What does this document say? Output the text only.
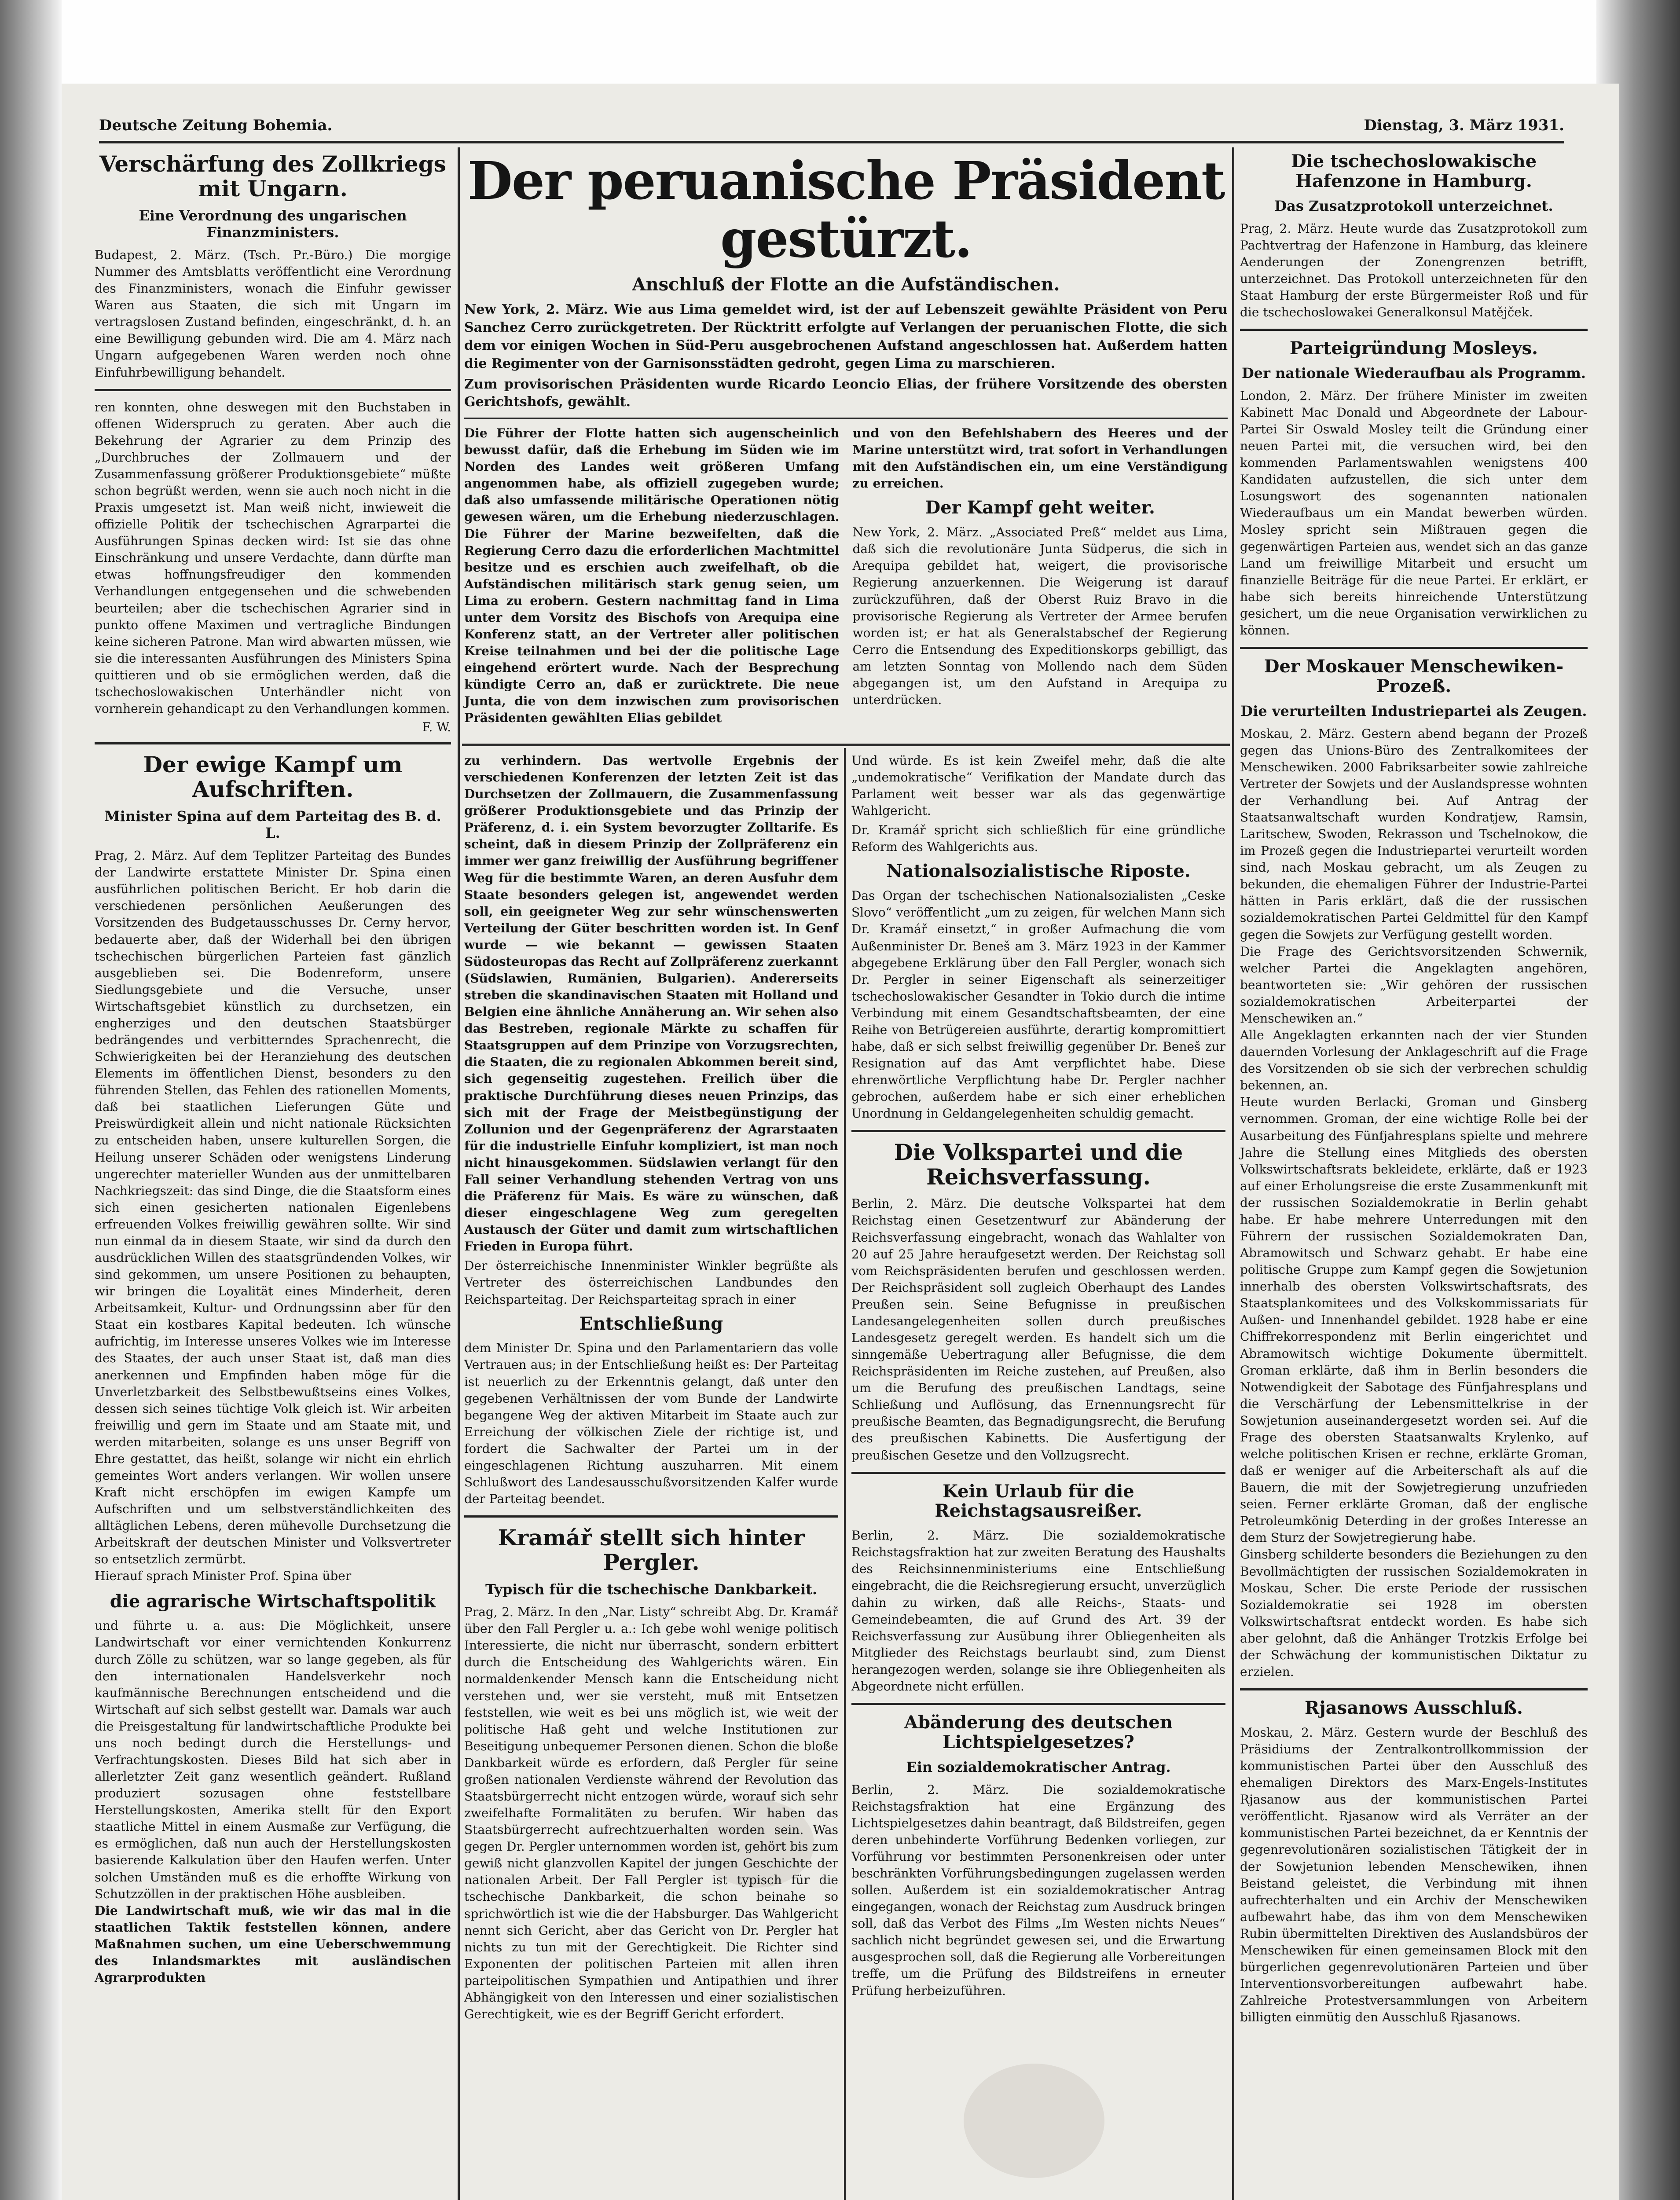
Deutsche Zeitung Bohemia.	Dienstag, 3. März 1931.
Verschärfung des Zollkriegs mit Ungarn.

Eine Verordnung des ungarischen Finanzministers.

Budapest, 2. März. (Tsch. Pr.-Büro.) Die morgige Nummer des Amtsblatts veröffentlicht eine Verordnung des Finanzministers, wonach die Einfuhr gewisser Waren aus Staaten, die sich mit Ungarn im vertragslosen Zustand befinden, eingeschränkt, d. h. an eine Bewilligung gebunden wird. Die am 4. März nach Ungarn aufgegebenen Waren werden noch ohne Einfuhrbewilligung behandelt.

ren konnten, ohne deswegen mit den Buchstaben in offenen Widerspruch zu geraten. Aber auch die Bekehrung der Agrarier zu dem Prinzip des „Durchbruches der Zollmauern und der Zusammenfassung größerer Produktionsgebiete“ müßte schon begrüßt werden, wenn sie auch noch nicht in die Praxis umgesetzt ist. Man weiß nicht, inwieweit die offizielle Politik der tschechischen Agrarpartei die Ausführungen Spinas decken wird: Ist sie das ohne Einschränkung und unsere Verdachte, dann dürfte man etwas hoffnungsfreudiger den kommenden Verhandlungen entgegensehen und die schwebenden beurteilen; aber die tschechischen Agrarier sind in punkto offene Maximen und vertragliche Bindungen keine sicheren Patrone. Man wird abwarten müssen, wie sie die interessanten Ausführungen des Ministers Spina quittieren und ob sie ermöglichen werden, daß die tschechoslowakischen Unterhändler nicht von vornherein gehandicapt zu den Verhandlungen kommen.

F. W.

Der ewige Kampf um Aufschriften.

Minister Spina auf dem Parteitag des B. d. L.

Prag, 2. März. Auf dem Teplitzer Parteitag des Bundes der Landwirte erstattete Minister Dr. Spina einen ausführlichen politischen Bericht. Er hob darin die verschiedenen persönlichen Aeußerungen des Vorsitzenden des Budgetausschusses Dr. Cerny hervor, bedauerte aber, daß der Widerhall bei den übrigen tschechischen bürgerlichen Parteien fast gänzlich ausgeblieben sei. Die Bodenreform, unsere Siedlungsgebiete und die Versuche, unser Wirtschaftsgebiet künstlich zu durchsetzen, ein engherziges und den deutschen Staatsbürger bedrängendes und verbitterndes Sprachenrecht, die Schwierigkeiten bei der Heranziehung des deutschen Elements im öffentlichen Dienst, besonders zu den führenden Stellen, das Fehlen des rationellen Moments, daß bei staatlichen Lieferungen Güte und Preiswürdigkeit allein und nicht nationale Rücksichten zu entscheiden haben, unsere kulturellen Sorgen, die Heilung unserer Schäden oder wenigstens Linderung ungerechter materieller Wunden aus der unmittelbaren Nachkriegszeit: das sind Dinge, die die Staatsform eines sich einen gesicherten nationalen Eigenlebens erfreuenden Volkes freiwillig gewähren sollte. Wir sind nun einmal da in diesem Staate, wir sind da durch den ausdrücklichen Willen des staatsgründenden Volkes, wir sind gekommen, um unsere Positionen zu behaupten, wir bringen die Loyalität eines Minderheit, deren Arbeitsamkeit, Kultur- und Ordnungssinn aber für den Staat ein kostbares Kapital bedeuten. Ich wünsche aufrichtig, im Interesse unseres Volkes wie im Interesse des Staates, der auch unser Staat ist, daß man dies anerkennen und Empfinden haben möge für die Unverletzbarkeit des Selbstbewußtseins eines Volkes, dessen sich seines tüchtige Volk gleich ist. Wir arbeiten freiwillig und gern im Staate und am Staate mit, und werden mitarbeiten, solange es uns unser Begriff von Ehre gestattet, das heißt, solange wir nicht ein ehrlich gemeintes Wort anders verlangen. Wir wollen unsere Kraft nicht erschöpfen im ewigen Kampfe um Aufschriften und um selbstverständlichkeiten des alltäglichen Lebens, deren mühevolle Durchsetzung die Arbeitskraft der deutschen Minister und Volksvertreter so entsetzlich zermürbt.

Hierauf sprach Minister Prof. Spina über

die agrarische Wirtschaftspolitik

und führte u. a. aus: Die Möglichkeit, unsere Landwirtschaft vor einer vernichtenden Konkurrenz durch Zölle zu schützen, war so lange gegeben, als für den internationalen Handelsverkehr noch kaufmännische Berechnungen entscheidend und die Wirtschaft auf sich selbst gestellt war. Damals war auch die Preisgestaltung für landwirtschaftliche Produkte bei uns noch bedingt durch die Herstellungs- und Verfrachtungskosten. Dieses Bild hat sich aber in allerletzter Zeit ganz wesentlich geändert. Rußland produziert sozusagen ohne feststellbare Herstellungskosten, Amerika stellt für den Export staatliche Mittel in einem Ausmaße zur Verfügung, die es ermöglichen, daß nun auch der Herstellungskosten basierende Kalkulation über den Haufen werfen. Unter solchen Umständen muß es die erhoffte Wirkung von Schutzzöllen in der praktischen Höhe ausbleiben.

Die Landwirtschaft muß, wie wir das mal in die staatlichen Taktik feststellen können, andere Maßnahmen suchen, um eine Ueberschwemmung des Inlandsmarktes mit ausländischen Agrarprodukten

Der peruanische Präsident gestürzt.

Anschluß der Flotte an die Aufständischen.

New York, 2. März. Wie aus Lima gemeldet wird, ist der auf Lebenszeit gewählte Präsident von Peru Sanchez Cerro zurückgetreten. Der Rücktritt erfolgte auf Verlangen der peruanischen Flotte, die sich dem vor einigen Wochen in Süd-Peru ausgebrochenen Aufstand angeschlossen hat. Außerdem hatten die Regimenter von der Garnisonsstädten gedroht, gegen Lima zu marschieren.

Zum provisorischen Präsidenten wurde Ricardo Leoncio Elias, der frühere Vorsitzende des obersten Gerichtshofs, gewählt.

Die Führer der Flotte hatten sich augenscheinlich bewusst dafür, daß die Erhebung im Süden wie im Norden des Landes weit größeren Umfang angenommen habe, als offiziell zugegeben wurde; daß also umfassende militärische Operationen nötig gewesen wären, um die Erhebung niederzuschlagen. Die Führer der Marine bezweifelten, daß die Regierung Cerro dazu die erforderlichen Machtmittel besitze und es erschien auch zweifelhaft, ob die Aufständischen militärisch stark genug seien, um Lima zu erobern. Gestern nachmittag fand in Lima unter dem Vorsitz des Bischofs von Arequipa eine Konferenz statt, an der Vertreter aller politischen Kreise teilnahmen und bei der die politische Lage eingehend erörtert wurde. Nach der Besprechung kündigte Cerro an, daß er zurücktrete. Die neue Junta, die von dem inzwischen zum provisorischen Präsidenten gewählten Elias gebildet

und von den Befehlshabern des Heeres und der Marine unterstützt wird, trat sofort in Verhandlungen mit den Aufständischen ein, um eine Verständigung zu erreichen.

Der Kampf geht weiter.

New York, 2. März. „Associated Preß“ meldet aus Lima, daß sich die revolutionäre Junta Südperus, die sich in Arequipa gebildet hat, weigert, die provisorische Regierung anzuerkennen. Die Weigerung ist darauf zurückzuführen, daß der Oberst Ruiz Bravo in die provisorische Regierung als Vertreter der Armee berufen worden ist; er hat als Generalstabschef der Regierung Cerro die Entsendung des Expeditionskorps gebilligt, das am letzten Sonntag von Mollendo nach dem Süden abgegangen ist, um den Aufstand in Arequipa zu unterdrücken.

zu verhindern. Das wertvolle Ergebnis der verschiedenen Konferenzen der letzten Zeit ist das Durchsetzen der Zollmauern, die Zusammenfassung größerer Produktionsgebiete und das Prinzip der Präferenz, d. i. ein System bevorzugter Zolltarife. Es scheint, daß in diesem Prinzip der Zollpräferenz ein immer wer ganz freiwillig der Ausführung begriffener Weg für die bestimmte Waren, an deren Ausfuhr dem Staate besonders gelegen ist, angewendet werden soll, ein geeigneter Weg zur sehr wünschenswerten Verteilung der Güter beschritten worden ist. In Genf wurde — wie bekannt — gewissen Staaten Südosteuropas das Recht auf Zollpräferenz zuerkannt (Südslawien, Rumänien, Bulgarien). Andererseits streben die skandinavischen Staaten mit Holland und Belgien eine ähnliche Annäherung an. Wir sehen also das Bestreben, regionale Märkte zu schaffen für Staatsgruppen auf dem Prinzipe von Vorzugsrechten, die Staaten, die zu regionalen Abkommen bereit sind, sich gegenseitig zugestehen. Freilich über die praktische Durchführung dieses neuen Prinzips, das sich mit der Frage der Meistbegünstigung der Zollunion und der Gegenpräferenz der Agrarstaaten für die industrielle Einfuhr kompliziert, ist man noch nicht hinausgekommen. Südslawien verlangt für den Fall seiner Verhandlung stehenden Vertrag von uns die Präferenz für Mais. Es wäre zu wünschen, daß dieser eingeschlagene Weg zum geregelten Austausch der Güter und damit zum wirtschaftlichen Frieden in Europa führt.

Der österreichische Innenminister Winkler begrüßte als Vertreter des österreichischen Landbundes den Reichsparteitag. Der Reichsparteitag sprach in einer

Entschließung

dem Minister Dr. Spina und den Parlamentariern das volle Vertrauen aus; in der Entschließung heißt es: Der Parteitag ist neuerlich zu der Erkenntnis gelangt, daß unter den gegebenen Verhältnissen der vom Bunde der Landwirte begangene Weg der aktiven Mitarbeit im Staate auch zur Erreichung der völkischen Ziele der richtige ist, und fordert die Sachwalter der Partei um in der eingeschlagenen Richtung auszuharren. Mit einem Schlußwort des Landesausschußvorsitzenden Kalfer wurde der Parteitag beendet.

Kramář stellt sich hinter Pergler.

Typisch für die tschechische Dankbarkeit.

Prag, 2. März. In den „Nar. Listy“ schreibt Abg. Dr. Kramář über den Fall Pergler u. a.: Ich gebe wohl wenige politisch Interessierte, die nicht nur überrascht, sondern erbittert durch die Entscheidung des Wahlgerichts wären. Ein normaldenkender Mensch kann die Entscheidung nicht verstehen und, wer sie versteht, muß mit Entsetzen feststellen, wie weit es bei uns möglich ist, wie weit der politische Haß geht und welche Institutionen zur Beseitigung unbequemer Personen dienen. Schon die bloße Dankbarkeit würde es erfordern, daß Pergler für seine großen nationalen Verdienste während der Revolution das Staatsbürgerrecht nicht entzogen würde, worauf sich sehr zweifelhafte Formalitäten zu berufen. Wir haben das Staatsbürgerrecht aufrechtzuerhalten worden sein. Was gegen Dr. Pergler unternommen worden ist, gehört bis zum gewiß nicht glanzvollen Kapitel der jungen Geschichte der nationalen Arbeit. Der Fall Pergler ist typisch für die tschechische Dankbarkeit, die schon beinahe so sprichwörtlich ist wie die der Habsburger. Das Wahlgericht nennt sich Gericht, aber das Gericht von Dr. Pergler hat nichts zu tun mit der Gerechtigkeit. Die Richter sind Exponenten der politischen Parteien mit allen ihren parteipolitischen Sympathien und Antipathien und ihrer Abhängigkeit von den Interessen und einer sozialistischen Gerechtigkeit, wie es der Begriff Gericht erfordert.

Und würde. Es ist kein Zweifel mehr, daß die alte „undemokratische“ Verifikation der Mandate durch das Parlament weit besser war als das gegenwärtige Wahlgericht.

Dr. Kramář spricht sich schließlich für eine gründliche Reform des Wahlgerichts aus.

Nationalsozialistische Riposte.

Das Organ der tschechischen Nationalsozialisten „Ceske Slovo“ veröffentlicht „um zu zeigen, für welchen Mann sich Dr. Kramář einsetzt,“ in großer Aufmachung die vom Außenminister Dr. Beneš am 3. März 1923 in der Kammer abgegebene Erklärung über den Fall Pergler, wonach sich Dr. Pergler in seiner Eigenschaft als seinerzeitiger tschechoslowakischer Gesandter in Tokio durch die intime Verbindung mit einem Gesandtschaftsbeamten, der eine Reihe von Betrügereien ausführte, derartig kompromittiert habe, daß er sich selbst freiwillig gegenüber Dr. Beneš zur Resignation auf das Amt verpflichtet habe. Diese ehrenwörtliche Verpflichtung habe Dr. Pergler nachher gebrochen, außerdem habe er sich einer erheblichen Unordnung in Geldangelegenheiten schuldig gemacht.

Die Volkspartei und die Reichsverfassung.

Berlin, 2. März. Die deutsche Volkspartei hat dem Reichstag einen Gesetzentwurf zur Abänderung der Reichsverfassung eingebracht, wonach das Wahlalter von 20 auf 25 Jahre heraufgesetzt werden. Der Reichstag soll vom Reichspräsidenten berufen und geschlossen werden. Der Reichspräsident soll zugleich Oberhaupt des Landes Preußen sein. Seine Befugnisse in preußischen Landesangelegenheiten sollen durch preußisches Landesgesetz geregelt werden. Es handelt sich um die sinngemäße Uebertragung aller Befugnisse, die dem Reichspräsidenten im Reiche zustehen, auf Preußen, also um die Berufung des preußischen Landtags, seine Schließung und Auflösung, das Ernennungsrecht für preußische Beamten, das Begnadigungsrecht, die Berufung des preußischen Kabinetts. Die Ausfertigung der preußischen Gesetze und den Vollzugsrecht.

Kein Urlaub für die Reichstagsausreißer.

Berlin, 2. März. Die sozialdemokratische Reichstagsfraktion hat zur zweiten Beratung des Haushalts des Reichsinnenministeriums eine Entschließung eingebracht, die die Reichsregierung ersucht, unverzüglich dahin zu wirken, daß alle Reichs-, Staats- und Gemeindebeamten, die auf Grund des Art. 39 der Reichsverfassung zur Ausübung ihrer Obliegenheiten als Mitglieder des Reichstags beurlaubt sind, zum Dienst herangezogen werden, solange sie ihre Obliegenheiten als Abgeordnete nicht erfüllen.

Abänderung des deutschen Lichtspielgesetzes?

Ein sozialdemokratischer Antrag.

Berlin, 2. März. Die sozialdemokratische Reichstagsfraktion hat eine Ergänzung des Lichtspielgesetzes dahin beantragt, daß Bildstreifen, gegen deren unbehinderte Vorführung Bedenken vorliegen, zur Vorführung vor bestimmten Personenkreisen oder unter beschränkten Vorführungsbedingungen zugelassen werden sollen. Außerdem ist ein sozialdemokratischer Antrag eingegangen, wonach der Reichstag zum Ausdruck bringen soll, daß das Verbot des Films „Im Westen nichts Neues“ sachlich nicht begründet gewesen sei, und die Erwartung ausgesprochen soll, daß die Regierung alle Vorbereitungen treffe, um die Prüfung des Bildstreifens in erneuter Prüfung herbeizuführen.

Die tschechoslowakische Hafenzone in Hamburg.

Das Zusatzprotokoll unterzeichnet.

Prag, 2. März. Heute wurde das Zusatzprotokoll zum Pachtvertrag der Hafenzone in Hamburg, das kleinere Aenderungen der Zonengrenzen betrifft, unterzeichnet. Das Protokoll unterzeichneten für den Staat Hamburg der erste Bürgermeister Roß und für die tschechoslowakei Generalkonsul Matějček.

Parteigründung Mosleys.

Der nationale Wiederaufbau als Programm.

London, 2. März. Der frühere Minister im zweiten Kabinett Mac Donald und Abgeordnete der Labour-Partei Sir Oswald Mosley teilt die Gründung einer neuen Partei mit, die versuchen wird, bei den kommenden Parlamentswahlen wenigstens 400 Kandidaten aufzustellen, die sich unter dem Losungswort des sogenannten nationalen Wiederaufbaus um ein Mandat bewerben würden. Mosley spricht sein Mißtrauen gegen die gegenwärtigen Parteien aus, wendet sich an das ganze Land um freiwillige Mitarbeit und ersucht um finanzielle Beiträge für die neue Partei. Er erklärt, er habe sich bereits hinreichende Unterstützung gesichert, um die neue Organisation verwirklichen zu können.

Der Moskauer Menschewiken-Prozeß.

Die verurteilten Industriepartei als Zeugen.

Moskau, 2. März. Gestern abend begann der Prozeß gegen das Unions-Büro des Zentralkomitees der Menschewiken. 2000 Fabriksarbeiter sowie zahlreiche Vertreter der Sowjets und der Auslandspresse wohnten der Verhandlung bei. Auf Antrag der Staatsanwaltschaft wurden Kondratjew, Ramsin, Laritschew, Swoden, Rekrasson und Tschelnokow, die im Prozeß gegen die Industriepartei verurteilt worden sind, nach Moskau gebracht, um als Zeugen zu bekunden, die ehemaligen Führer der Industrie-Partei hätten in Paris erklärt, daß die der russischen sozialdemokratischen Partei Geldmittel für den Kampf gegen die Sowjets zur Verfügung gestellt worden.

Die Frage des Gerichtsvorsitzenden Schwernik, welcher Partei die Angeklagten angehören, beantworteten sie: „Wir gehören der russischen sozialdemokratischen Arbeiterpartei der Menschewiken an.“

Alle Angeklagten erkannten nach der vier Stunden dauernden Vorlesung der Anklageschrift auf die Frage des Vorsitzenden ob sie sich der verbrechen schuldig bekennen, an.

Heute wurden Berlacki, Groman und Ginsberg vernommen. Groman, der eine wichtige Rolle bei der Ausarbeitung des Fünfjahresplans spielte und mehrere Jahre die Stellung eines Mitglieds des obersten Volkswirtschaftsrats bekleidete, erklärte, daß er 1923 auf einer Erholungsreise die erste Zusammenkunft mit der russischen Sozialdemokratie in Berlin gehabt habe. Er habe mehrere Unterredungen mit den Führern der russischen Sozialdemokraten Dan, Abramowitsch und Schwarz gehabt. Er habe eine politische Gruppe zum Kampf gegen die Sowjetunion innerhalb des obersten Volkswirtschaftsrats, des Staatsplankomitees und des Volkskommissariats für Außen- und Innenhandel gebildet. 1928 habe er eine Chiffrekorrespondenz mit Berlin eingerichtet und Abramowitsch wichtige Dokumente übermittelt. Groman erklärte, daß ihm in Berlin besonders die Notwendigkeit der Sabotage des Fünfjahresplans und die Verschärfung der Lebensmittelkrise in der Sowjetunion auseinandergesetzt worden sei. Auf die Frage des obersten Staatsanwalts Krylenko, auf welche politischen Krisen er rechne, erklärte Groman, daß er weniger auf die Arbeiterschaft als auf die Bauern, die mit der Sowjetregierung unzufrieden seien. Ferner erklärte Groman, daß der englische Petroleumkönig Deterding in der großes Interesse an dem Sturz der Sowjetregierung habe.

Ginsberg schilderte besonders die Beziehungen zu den Bevollmächtigten der russischen Sozialdemokraten in Moskau, Scher. Die erste Periode der russischen Sozialdemokratie sei 1928 im obersten Volkswirtschaftsrat entdeckt worden. Es habe sich aber gelohnt, daß die Anhänger Trotzkis Erfolge bei der Schwächung der kommunistischen Diktatur zu erzielen.

Rjasanows Ausschluß.

Moskau, 2. März. Gestern wurde der Beschluß des Präsidiums der Zentralkontrollkommission der kommunistischen Partei über den Ausschluß des ehemaligen Direktors des Marx-Engels-Institutes Rjasanow aus der kommunistischen Partei veröffentlicht. Rjasanow wird als Verräter an der kommunistischen Partei bezeichnet, da er Kenntnis der gegenrevolutionären sozialistischen Tätigkeit der in der Sowjetunion lebenden Menschewiken, ihnen Beistand geleistet, die Verbindung mit ihnen aufrechterhalten und ein Archiv der Menschewiken aufbewahrt habe, das ihm von dem Menschewiken Rubin übermittelten Direktiven des Auslandsbüros der Menschewiken für einen gemeinsamen Block mit den bürgerlichen gegenrevolutionären Parteien und über Interventionsvorbereitungen aufbewahrt habe. Zahlreiche Protestversammlungen von Arbeitern billigten einmütig den Ausschluß Rjasanows.
